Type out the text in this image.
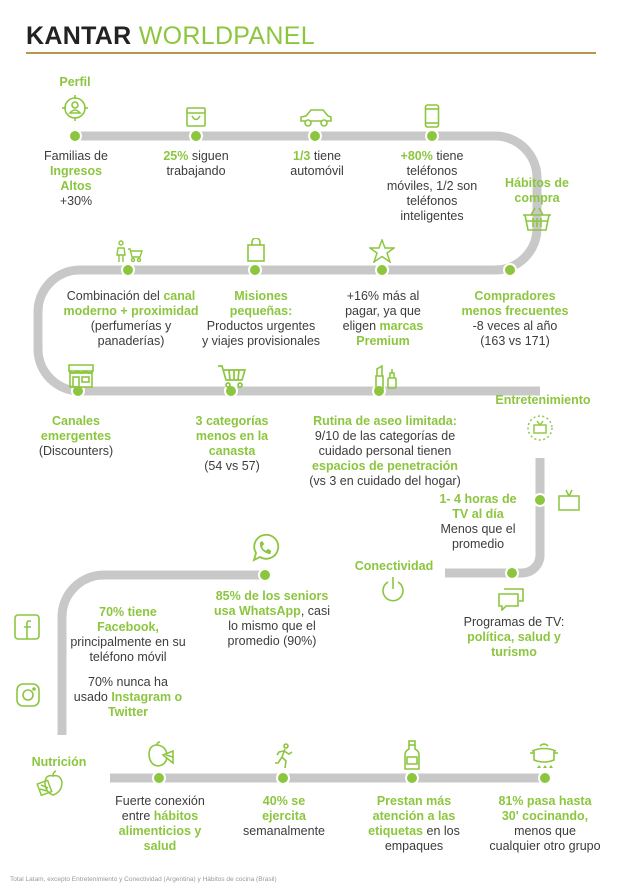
KANTAR WORLDPANEL
Perfil
Hábitos de compra
Entretenimiento
Conectividad
Nutrición
Familias de
Ingresos
Altos
+30%
25% siguen
trabajando
1/3 tiene
automóvil
+80% tiene
teléfonos
móviles, 1/2 son
teléfonos
inteligentes
Compradores
menos frecuentes
-8 veces al año
(163 vs 171)
+16% más al
pagar, ya que
eligen marcas
Premium
Misiones
pequeñas:
Productos urgentes
y viajes provisionales
Combinación del canal
moderno + proximidad
(perfumerías y
panaderías)
Canales
emergentes
(Discounters)
3 categorías
menos en la
canasta
(54 vs 57)
Rutina de aseo limitada:
9/10 de las categorías de
cuidado personal tienen
espacios de penetración
(vs 3 en cuidado del hogar)
1- 4 horas de
TV al día
Menos que el
promedio
Programas de TV:
política, salud y
turismo
85% de los seniors
usa WhatsApp, casi
lo mismo que el
promedio (90%)
70% tiene
Facebook,
principalmente en su
teléfono móvil
70% nunca ha
usado Instagram o
Twitter
Fuerte conexión
entre hábitos
alimenticios y
salud
40% se
ejercita
semanalmente
Prestan más
atención a las
etiquetas en los
empaques
81% pasa hasta
30' cocinando,
menos que
cualquier otro grupo
Total Latam, excepto Entretenimiento y Conectividad (Argentina) y Hábitos de cocina (Brasil)
